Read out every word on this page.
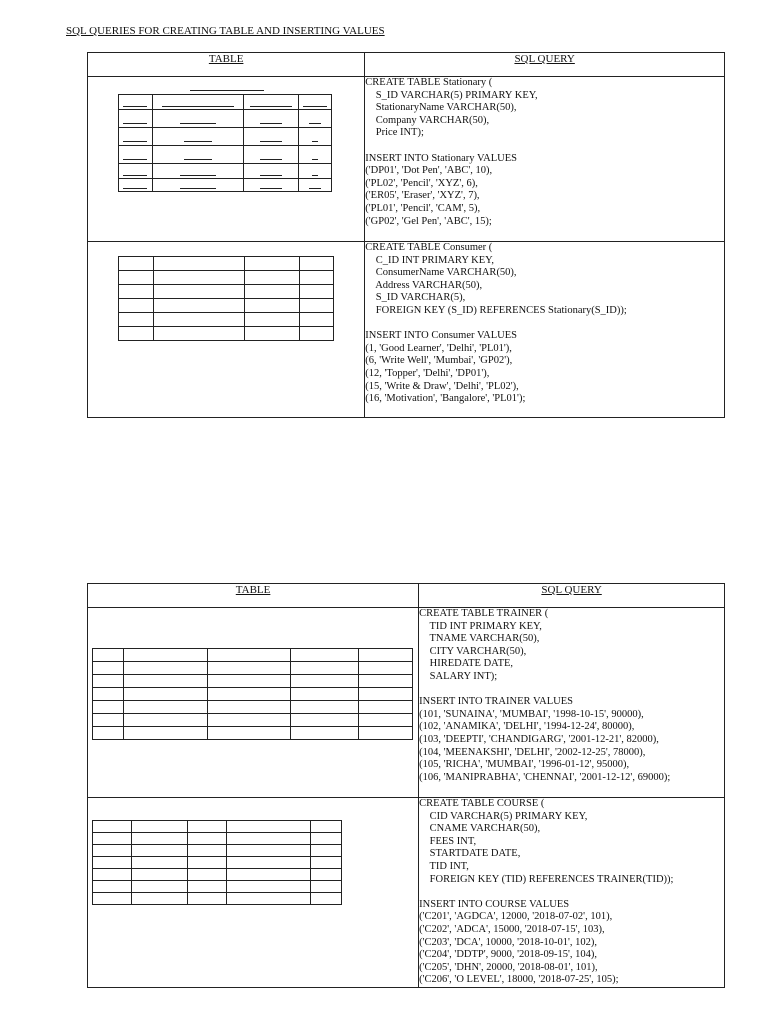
SQL QUERIES FOR CREATING TABLE AND INSERTING VALUES
TABLE	SQL QUERY

	CREATE TABLE Stationary (
S_ID VARCHAR(5) PRIMARY KEY,
StationaryName VARCHAR(50),
Company VARCHAR(50),
Price INT);

INSERT INTO Stationary VALUES
('DP01', 'Dot Pen', 'ABC', 10),
('PL02', 'Pencil', 'XYZ', 6),
('ER05', 'Eraser', 'XYZ', 7),
('PL01', 'Pencil', 'CAM', 5),
('GP02', 'Gel Pen', 'ABC', 15);

	CREATE TABLE Consumer (
C_ID INT PRIMARY KEY,
ConsumerName VARCHAR(50),
Address VARCHAR(50),
S_ID VARCHAR(5),
FOREIGN KEY (S_ID) REFERENCES Stationary(S_ID));

INSERT INTO Consumer VALUES
(1, 'Good Learner', 'Delhi', 'PL01'),
(6, 'Write Well', 'Mumbai', 'GP02'),
(12, 'Topper', 'Delhi', 'DP01'),
(15, 'Write & Draw', 'Delhi', 'PL02'),
(16, 'Motivation', 'Bangalore', 'PL01');
TABLE	SQL QUERY

	CREATE TABLE TRAINER (
TID INT PRIMARY KEY,
TNAME VARCHAR(50),
CITY VARCHAR(50),
HIREDATE DATE,
SALARY INT);

INSERT INTO TRAINER VALUES
(101, 'SUNAINA', 'MUMBAI', '1998-10-15', 90000),
(102, 'ANAMIKA', 'DELHI', '1994-12-24', 80000),
(103, 'DEEPTI', 'CHANDIGARG', '2001-12-21', 82000),
(104, 'MEENAKSHI', 'DELHI', '2002-12-25', 78000),
(105, 'RICHA', 'MUMBAI', '1996-01-12', 95000),
(106, 'MANIPRABHA', 'CHENNAI', '2001-12-12', 69000);

	CREATE TABLE COURSE (
CID VARCHAR(5) PRIMARY KEY,
CNAME VARCHAR(50),
FEES INT,
STARTDATE DATE,
TID INT,
FOREIGN KEY (TID) REFERENCES TRAINER(TID));

INSERT INTO COURSE VALUES
('C201', 'AGDCA', 12000, '2018-07-02', 101),
('C202', 'ADCA', 15000, '2018-07-15', 103),
('C203', 'DCA', 10000, '2018-10-01', 102),
('C204', 'DDTP', 9000, '2018-09-15', 104),
('C205', 'DHN', 20000, '2018-08-01', 101),
('C206', 'O LEVEL', 18000, '2018-07-25', 105);
